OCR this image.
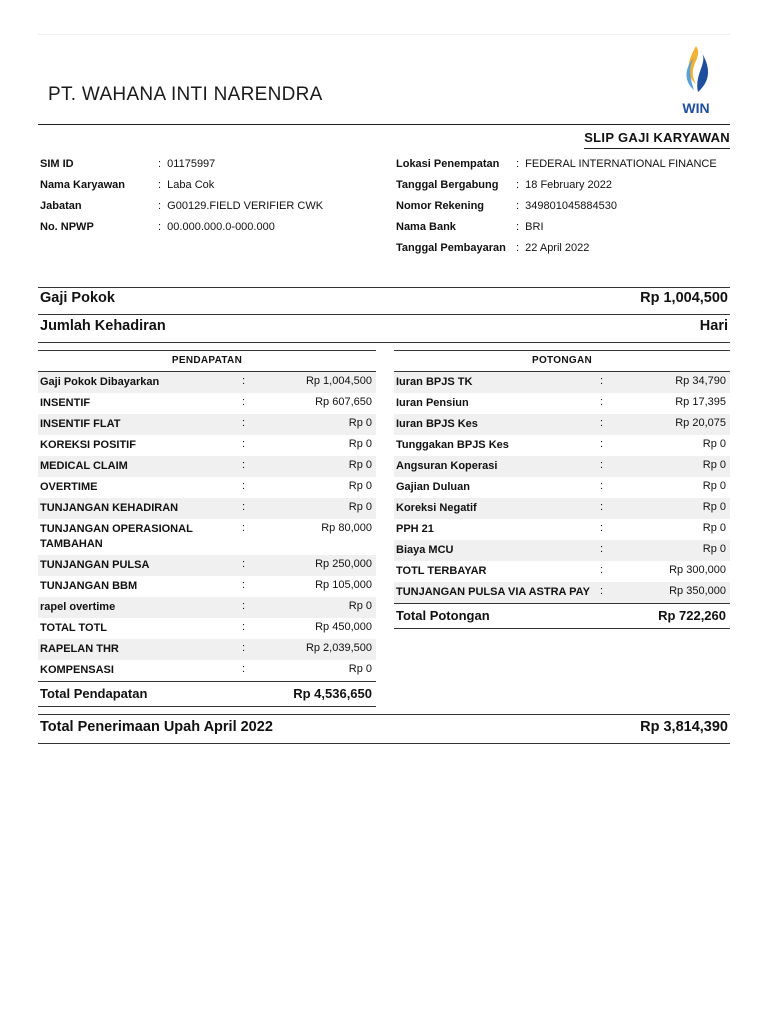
PT. WAHANA INTI NARENDRA
WIN
SLIP GAJI KARYAWAN
SIM ID	:  01175997
Nama Karyawan	:  Laba Cok
Jabatan	:  G00129.FIELD VERIFIER CWK
No. NPWP	:  00.000.000.0-000.000
Lokasi Penempatan :  FEDERAL INTERNATIONAL FINANCE
Tanggal Bergabung :  18 February 2022
Nomor Rekening	:  349801045884530
Nama Bank	:  BRI
Tanggal Pembayaran :  22 April 2022
Gaji Pokok	Rp 1,004,500
Jumlah Kehadiran	Hari
PENDAPATAN
Gaji Pokok Dibayarkan	:	Rp 1,004,500
INSENTIF	:	Rp 607,650
INSENTIF FLAT	:	Rp 0
KOREKSI POSITIF	:	Rp 0
MEDICAL CLAIM	:	Rp 0
OVERTIME	:	Rp 0
TUNJANGAN KEHADIRAN	:	Rp 0
TUNJANGAN OPERASIONAL TAMBAHAN
:	Rp 80,000
TUNJANGAN PULSA	:	Rp 250,000
TUNJANGAN BBM	:	Rp 105,000
rapel overtime	:	Rp 0
TOTAL TOTL	:	Rp 450,000
RAPELAN THR	:	Rp 2,039,500
KOMPENSASI	:	Rp 0
Total Pendapatan	Rp 4,536,650
POTONGAN
Iuran BPJS TK	:	Rp 34,790
Iuran Pensiun	:	Rp 17,395
Iuran BPJS Kes	:	Rp 20,075
Tunggakan BPJS Kes	:	Rp 0
Angsuran Koperasi	:	Rp 0
Gajian Duluan	:	Rp 0
Koreksi Negatif	:	Rp 0
PPH 21	:	Rp 0
Biaya MCU	:	Rp 0
TOTL TERBAYAR	:	Rp 300,000
TUNJANGAN PULSA VIA ASTRA PAY :	Rp 350,000
Total Potongan	Rp 722,260
Total Penerimaan Upah April 2022	Rp 3,814,390
